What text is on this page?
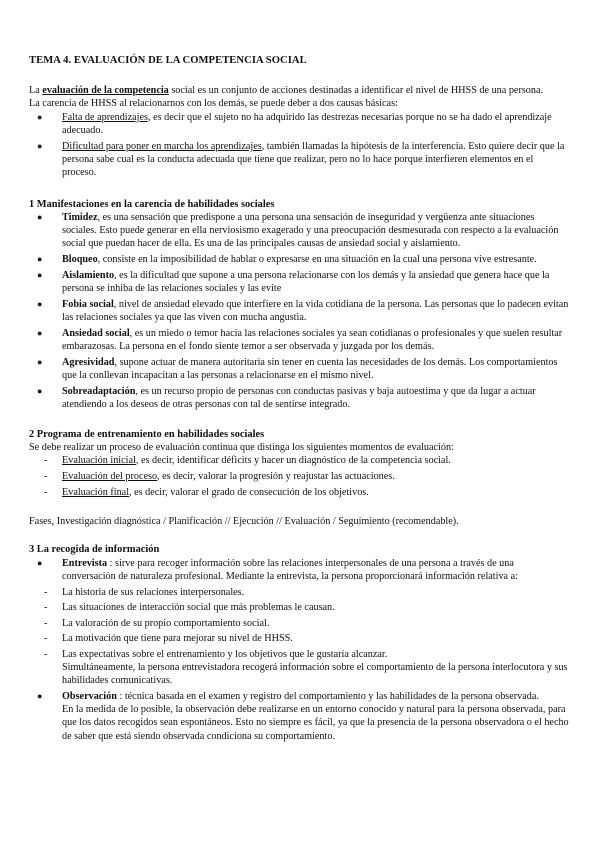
TEMA 4. EVALUACIÓN DE LA COMPETENCIA SOCIAL

La evaluación de la competencia social es un conjunto de acciones destinadas a identificar el nivel de HHSS de una persona.

La carencia de HHSS al relacionarnos con los demás, se puede deber a dos causas básicas:

● Falta de aprendizajes, es decir que el sujeto no ha adquirido las destrezas necesarias porque no se ha dado el aprendizaje adecuado.
● Dificultad para poner en marcha los aprendizajes, también llamadas la hipótesis de la interferencia. Esto quiere decir que la persona sabe cual es la conducta adecuada que tiene que realizar, pero no lo hace porque interfieren elementos en el proceso.
1 Manifestaciones en la carencia de habilidades sociales
● Timidez, es una sensación que predispone a una persona una sensación de inseguridad y vergüenza ante situaciones sociales. Esto puede generar en ella nerviosismo exagerado y una preocupación desmesurada con respecto a la evaluación social que puedan hacer de ella. Es una de las principales causas de ansiedad social y aislamiento.
● Bloqueo, consiste en la imposibilidad de hablar o expresarse en una situación en la cual una persona vive estresante.
● Aislamiento, es la dificultad que supone a una persona relacionarse con los demás y la ansiedad que genera hace que la persona se inhiba de las relaciones sociales y las evite
● Fobia social, nivel de ansiedad elevado que interfiere en la vida cotidiana de la persona. Las personas que lo padecen evitan las relaciones sociales ya que las viven con mucha angustia.
● Ansiedad social, es un miedo o temor hacia las relaciones sociales ya sean cotidianas o profesionales y que suelen resultar embarazosas. La persona en el fondo siente temor a ser observada y juzgada por los demás.
● Agresividad, supone actuar de manera autoritaria sin tener en cuenta las necesidades de los demás. Los comportamientos que la conllevan incapacitan a las personas a relacionarse en el mismo nivel.
● Sobreadaptación, es un recurso propio de personas con conductas pasivas y baja autoestima y que da lugar a actuar atendiendo a los deseos de otras personas con tal de sentirse integrado.
2 Programa de entrenamiento en habilidades sociales

Se debe realizar un proceso de evaluación continua que distinga los siguientes momentos de evaluación:

- Evaluación inicial, es decir, identificar déficits y hacer un diagnóstico de la competencia social.
- Evaluación del proceso, es decir, valorar la progresión y reajustar las actuaciones.
- Evaluación final, es decir, valorar el grado de consecución de los objetivos.

Fases, Investigación diagnóstica / Planificación // Ejecución // Evaluación / Seguimiento (recomendable).

3 La recogida de información
● Entrevista : sirve para recoger información sobre las relaciones interpersonales de una persona a través de una conversación de naturaleza profesional. Mediante la entrevista, la persona proporcionará información relativa a:
- La historia de sus relaciones interpersonales.
- Las situaciones de interacción social que más problemas le causan.
- La valoración de su propio comportamiento social.
- La motivación que tiene para mejorar su nivel de HHSS.
- Las expectativas sobre el entrenamiento y los objetivos que le gustaría alcanzar.
Simultáneamente, la persona entrevistadora recogerá información sobre el comportamiento de la persona interlocutora y sus habilidades comunicativas.
● Observación : técnica basada en el examen y registro del comportamiento y las habilidades de la persona observada.
En la medida de lo posible, la observación debe realizarse en un entorno conocido y natural para la persona observada, para que los datos recogidos sean espontáneos. Esto no siempre es fácil, ya que la presencia de la persona observadora o el hecho de saber que está siendo observada condiciona su comportamiento.
